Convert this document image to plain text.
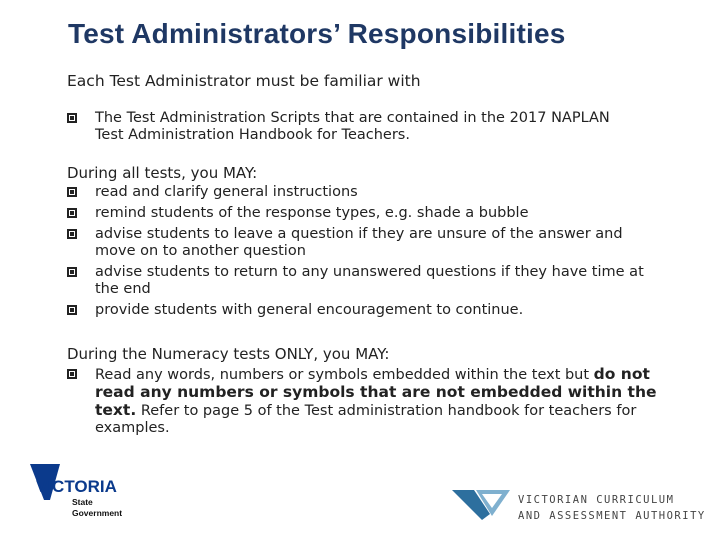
Test Administrators’ Responsibilities
Each Test Administrator must be familiar with
The Test Administration Scripts that are contained in the 2017 NAPLAN Test Administration Handbook for Teachers.
During all tests, you MAY:
read and clarify general instructions
remind students of the response types, e.g. shade a bubble
advise students to leave a question if they are unsure of the answer and move on to another question
advise students to return to any unanswered questions if they have time at the end
provide students with general encouragement to continue.
During the Numeracy tests ONLY, you MAY:
Read any words, numbers or symbols embedded within the text but do not read any numbers or symbols that are not embedded within the text. Refer to page 5 of the Test administration handbook for teachers for examples.
VICTORIA
State
Government
VICTORIAN CURRICULUM
AND ASSESSMENT AUTHORITY
